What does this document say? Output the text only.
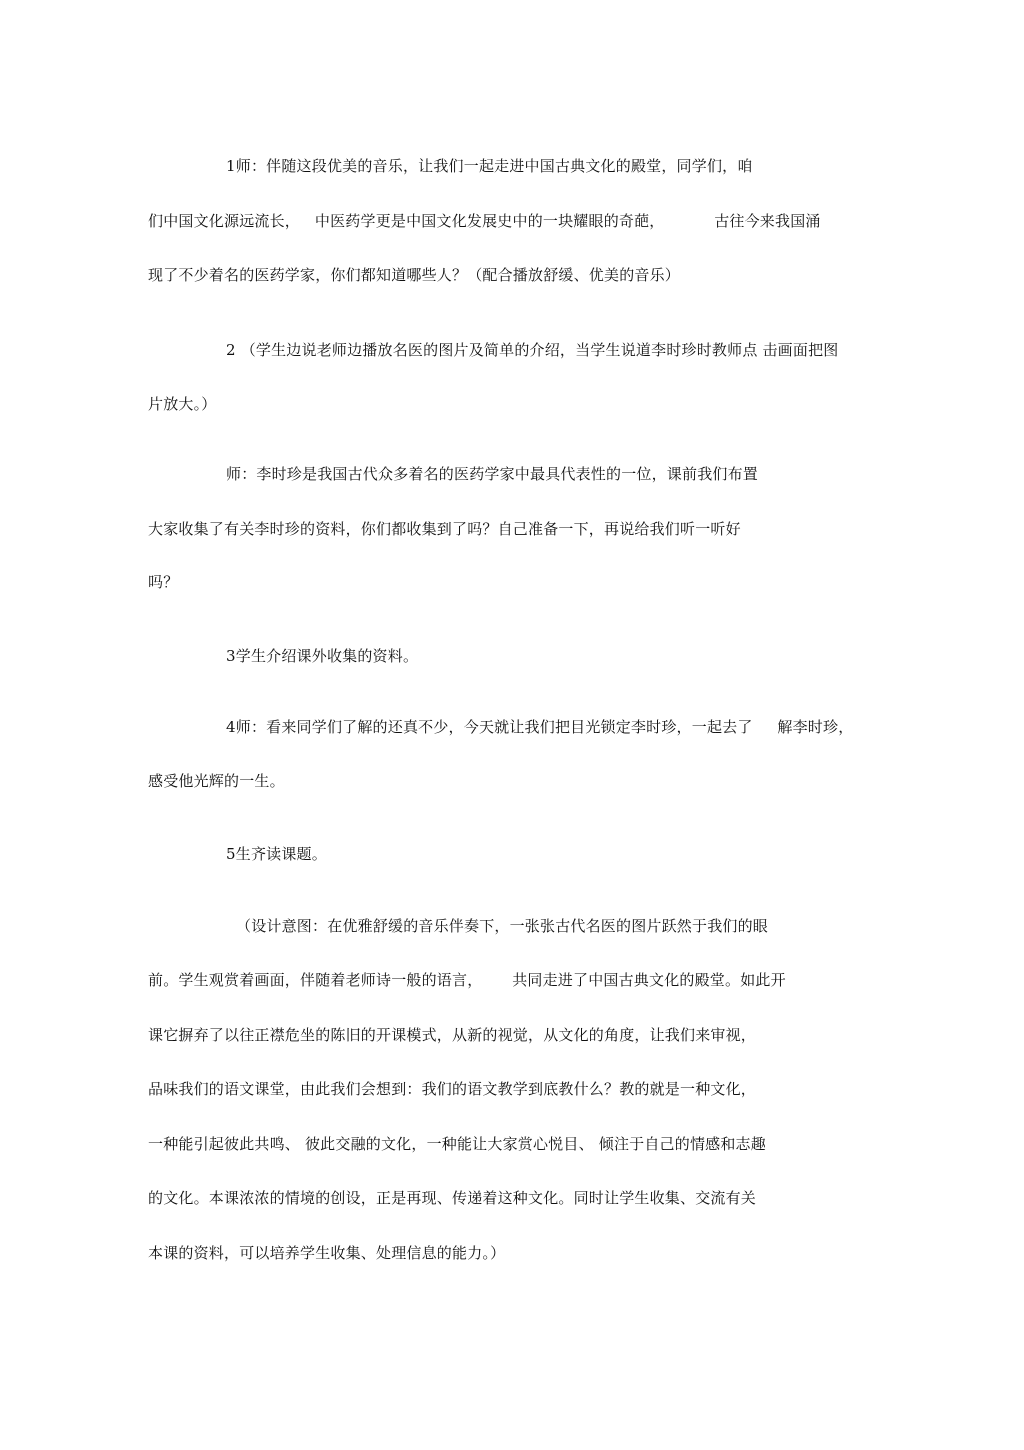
1师：伴随这段优美的音乐，让我们一起走进中国古典文化的殿堂，同学们，咱
们中国文化源远流长，   中医药学更是中国文化发展史中的一块耀眼的奇葩，          古往今来我国涌
现了不少着名的医药学家，你们都知道哪些人？（配合播放舒缓、优美的音乐）
2 （学生边说老师边播放名医的图片及简单的介绍，当学生说道李时珍时教师点 击画面把图
片放大。）
师：李时珍是我国古代众多着名的医药学家中最具代表性的一位，课前我们布置
大家收集了有关李时珍的资料，你们都收集到了吗？自己准备一下，再说给我们听一听好
吗？
3学生介绍课外收集的资料。
4师：看来同学们了解的还真不少，今天就让我们把目光锁定李时珍，一起去了     解李时珍，
感受他光辉的一生。
5生齐读课题。
（设计意图：在优雅舒缓的音乐伴奏下，一张张古代名医的图片跃然于我们的眼
前。学生观赏着画面，伴随着老师诗一般的语言，      共同走进了中国古典文化的殿堂。如此开
课它摒弃了以往正襟危坐的陈旧的开课模式，从新的视觉，从文化的角度，让我们来审视，
品味我们的语文课堂，由此我们会想到：我们的语文教学到底教什么？教的就是一种文化，
一种能引起彼此共鸣、 彼此交融的文化，一种能让大家赏心悦目、 倾注于自己的情感和志趣
的文化。本课浓浓的情境的创设，正是再现、传递着这种文化。同时让学生收集、交流有关
本课的资料，可以培养学生收集、处理信息的能力。）
